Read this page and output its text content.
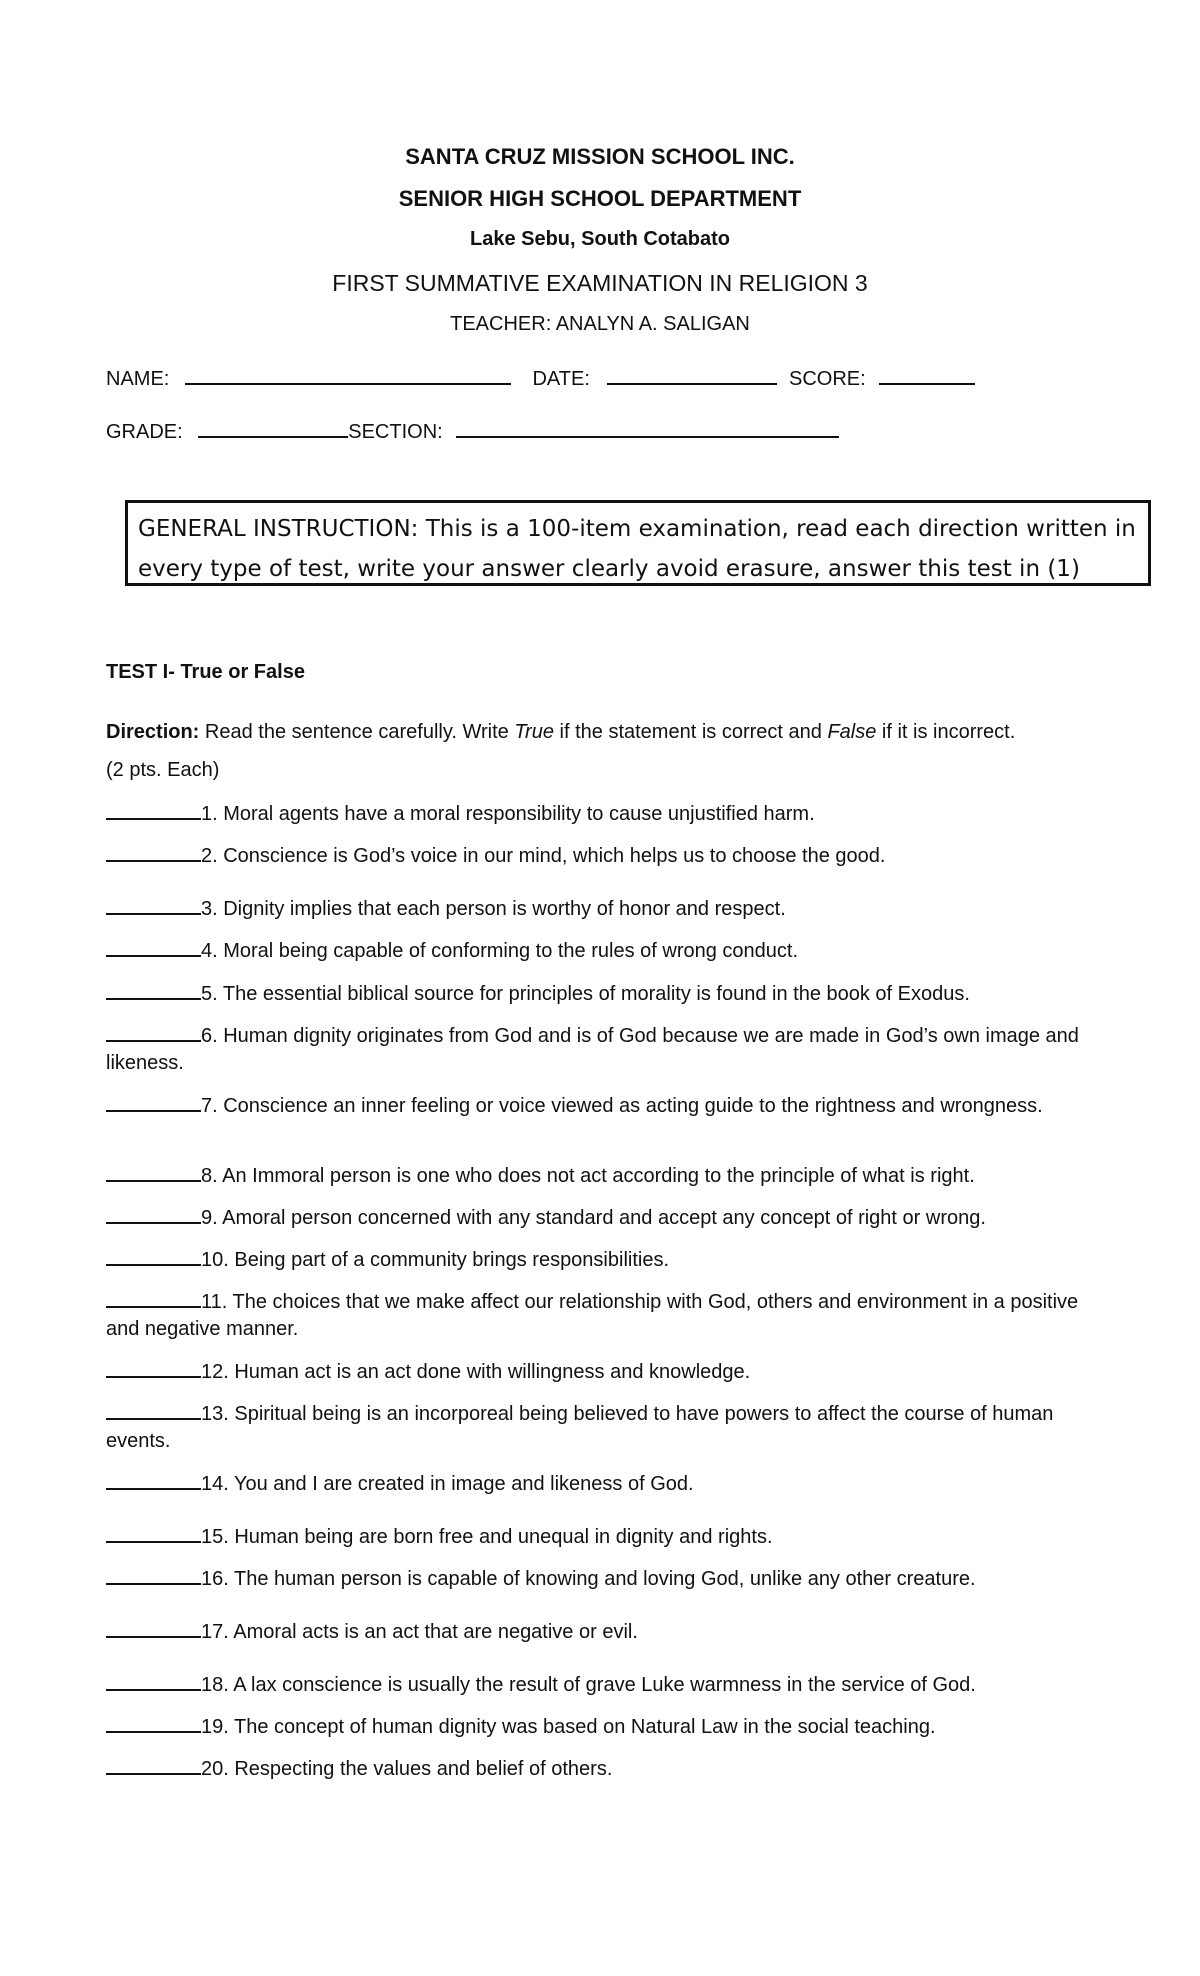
SANTA CRUZ MISSION SCHOOL INC.
SENIOR HIGH SCHOOL DEPARTMENT
Lake Sebu, South Cotabato
FIRST SUMMATIVE EXAMINATION IN RELIGION 3
TEACHER: ANALYN A. SALIGAN
NAME:	DATE:	SCORE:
GRADE:	SECTION:
GENERAL INSTRUCTION: This is a 100-item examination, read each direction written in every type of test, write your answer clearly avoid erasure, answer this test in (1)
TEST I- True or False
Direction: Read the sentence carefully. Write True if the statement is correct and False if it is incorrect.
(2 pts. Each)
1. Moral agents have a moral responsibility to cause unjustified harm.
2. Conscience is God’s voice in our mind, which helps us to choose the good.
3. Dignity implies that each person is worthy of honor and respect.
4. Moral being capable of conforming to the rules of wrong conduct.
5. The essential biblical source for principles of morality is found in the book of Exodus.
6. Human dignity originates from God and is of God because we are made in God’s own image and likeness.
7. Conscience an inner feeling or voice viewed as acting guide to the rightness and wrongness.
8. An Immoral person is one who does not act according to the principle of what is right.
9. Amoral person concerned with any standard and accept any concept of right or wrong.
10. Being part of a community brings responsibilities.
11. The choices that we make affect our relationship with God, others and environment in a positive and negative manner.
12. Human act is an act done with willingness and knowledge.
13. Spiritual being is an incorporeal being believed to have powers to affect the course of human events.
14. You and I are created in image and likeness of God.
15. Human being are born free and unequal in dignity and rights.
16. The human person is capable of knowing and loving God, unlike any other creature.
17. Amoral acts is an act that are negative or evil.
18. A lax conscience is usually the result of grave Luke warmness in the service of God.
19. The concept of human dignity was based on Natural Law in the social teaching.
20. Respecting the values and belief of others.
